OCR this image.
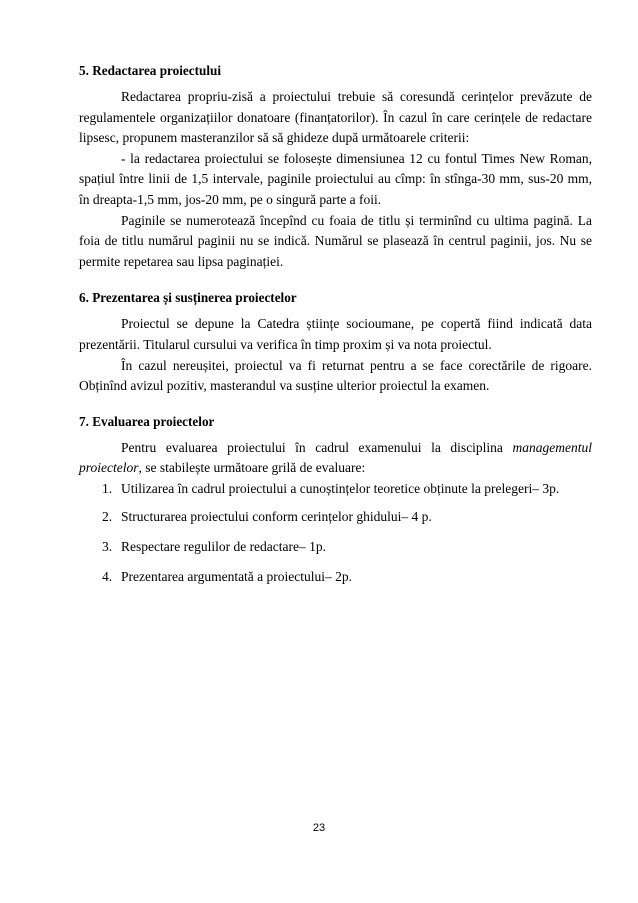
5. Redactarea proiectului

Redactarea propriu-zisă a proiectului trebuie să coresundă cerințelor prevăzute de regulamentele organizațiilor donatoare (finanțatorilor). În cazul în care cerințele de redactare lipsesc, propunem masteranzilor să să ghideze după următoarele criterii:

- la redactarea proiectului se folosește dimensiunea 12 cu fontul Times New Roman, spațiul între linii de 1,5 intervale, paginile proiectului au cîmp: în stînga-30 mm, sus-20 mm, în dreapta-1,5 mm, jos-20 mm, pe o singură parte a foii.

Paginile se numerotează începînd cu foaia de titlu și terminînd cu ultima pagină. La foia de titlu numărul paginii nu se indică. Numărul se plasează în centrul paginii, jos. Nu se permite repetarea sau lipsa paginației.

6. Prezentarea și susținerea proiectelor

Proiectul se depune la Catedra științe socioumane, pe copertă fiind indicată data prezentării. Titularul cursului va verifica în timp proxim și va nota proiectul.

În cazul nereușitei, proiectul va fi returnat pentru a se face corectările de rigoare. Obținînd avizul pozitiv, masterandul va susține ulterior proiectul la examen.

7. Evaluarea proiectelor

Pentru evaluarea proiectului în cadrul examenului la disciplina managementul proiectelor, se stabilește următoare grilă de evaluare:

1. Utilizarea în cadrul proiectului a cunoștințelor teoretice obținute la prelegeri– 3p.
2. Structurarea proiectului conform cerințelor ghidului– 4 p.
3. Respectare regulilor de redactare– 1p.
4. Prezentarea argumentată a proiectului– 2p.
23
